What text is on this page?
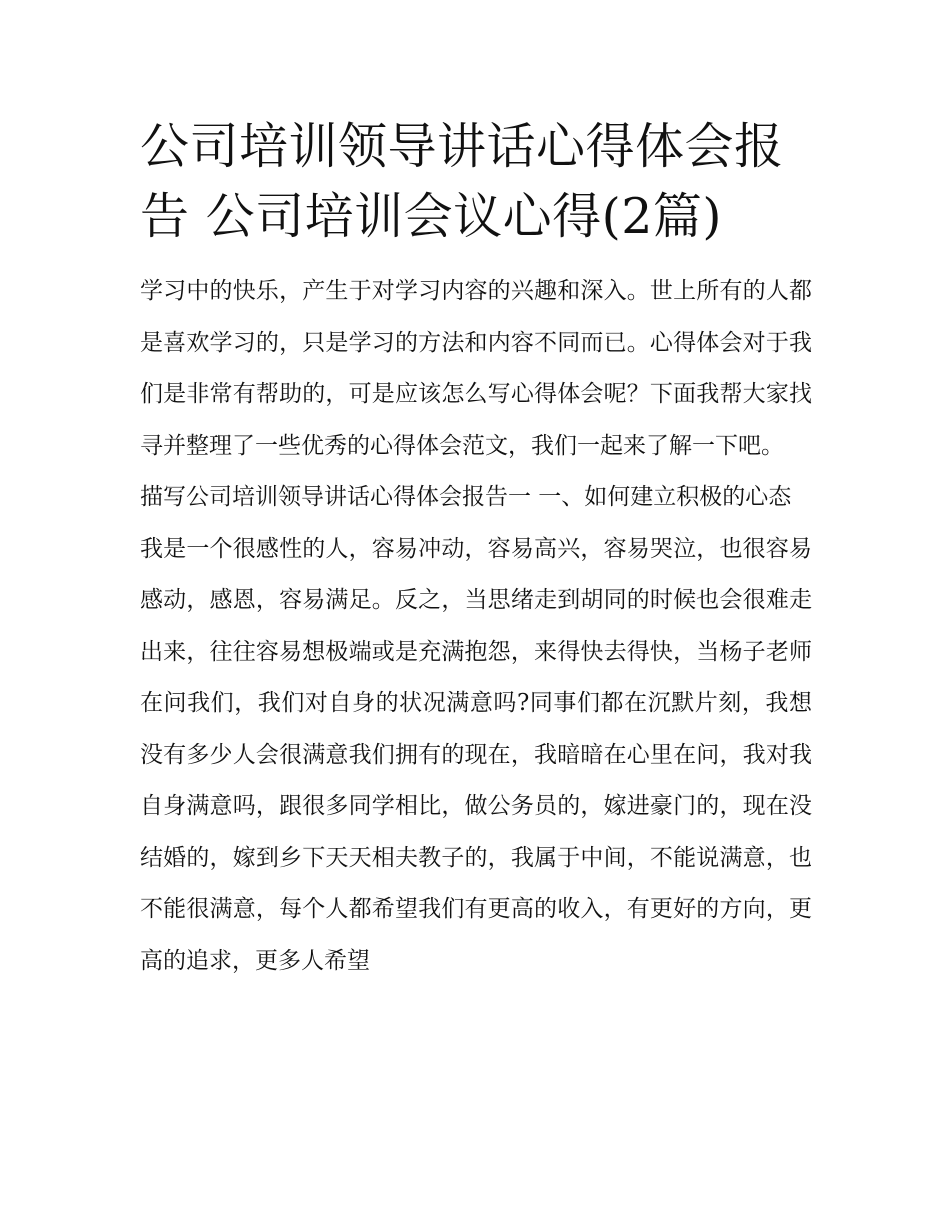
公司培训领导讲话心得体会报告 公司培训会议心得(2篇)

学习中的快乐，产生于对学习内容的兴趣和深入。世上所有的人都是喜欢学习的，只是学习的方法和内容不同而已。心得体会对于我们是非常有帮助的，可是应该怎么写心得体会呢？下面我帮大家找寻并整理了一些优秀的心得体会范文，我们一起来了解一下吧。

描写公司培训领导讲话心得体会报告一 一、如何建立积极的心态

我是一个很感性的人，容易冲动，容易高兴，容易哭泣，也很容易感动，感恩，容易满足。反之，当思绪走到胡同的时候也会很难走出来，往往容易想极端或是充满抱怨，来得快去得快，当杨子老师在问我们，我们对自身的状况满意吗?同事们都在沉默片刻，我想没有多少人会很满意我们拥有的现在，我暗暗在心里在问，我对我自身满意吗，跟很多同学相比，做公务员的，嫁进豪门的，现在没结婚的，嫁到乡下天天相夫教子的，我属于中间，不能说满意，也不能很满意，每个人都希望我们有更高的收入，有更好的方向，更高的追求，更多人希望
